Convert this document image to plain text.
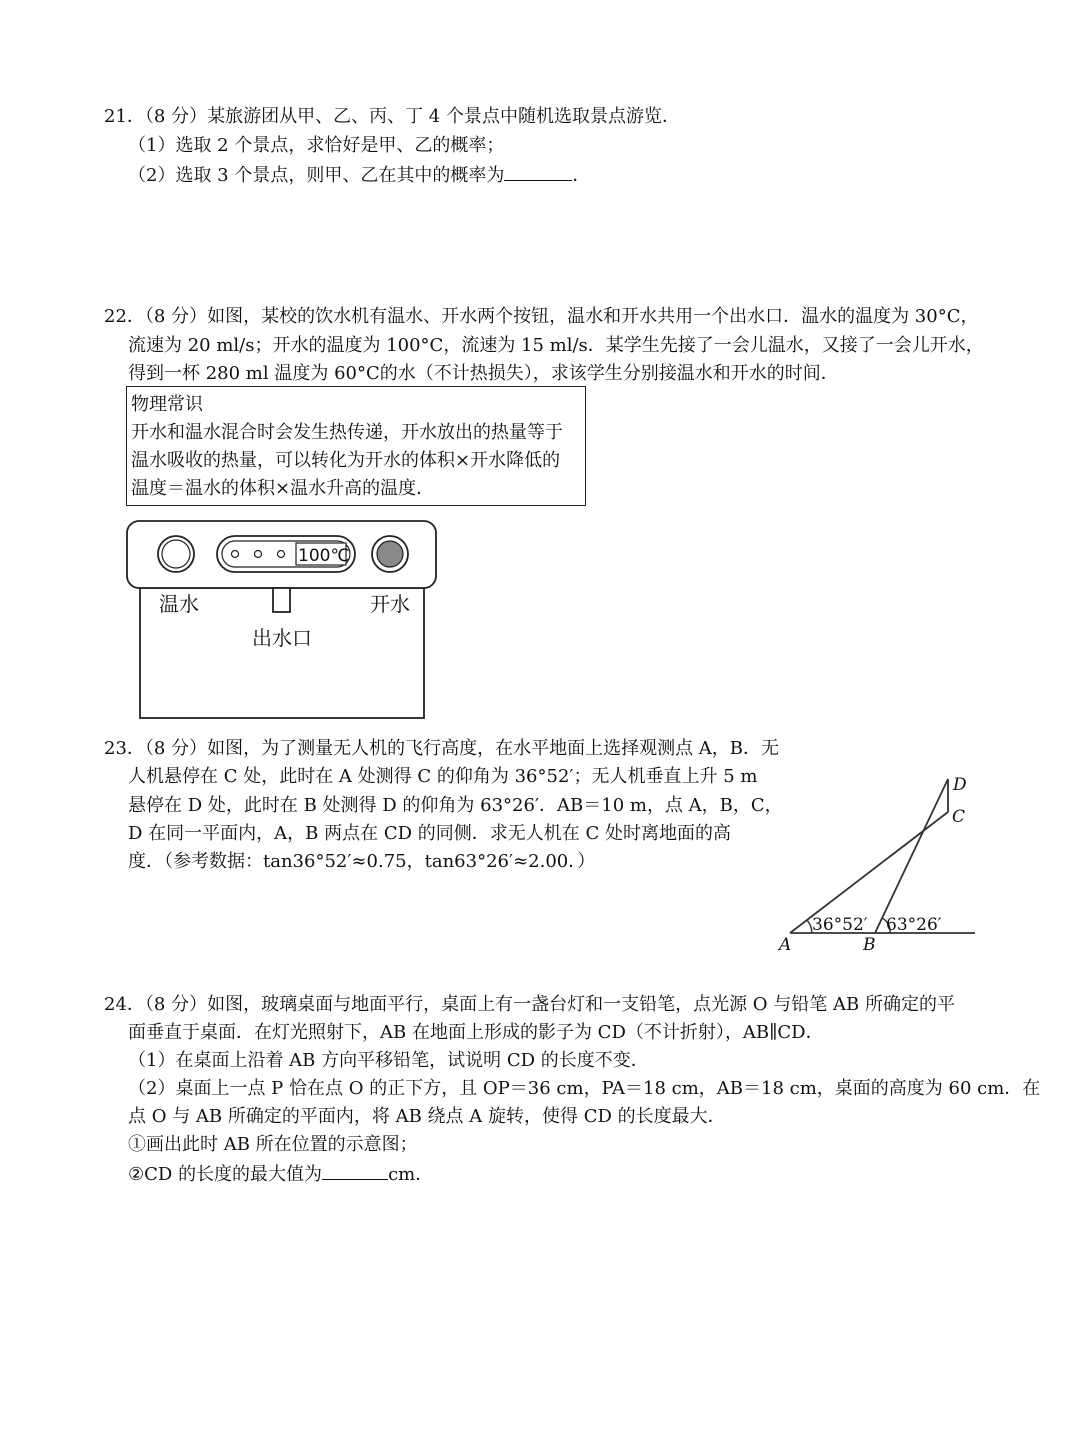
21．（8 分）某旅游团从甲、乙、丙、丁 4 个景点中随机选取景点游览．
（1）选取 2 个景点，求恰好是甲、乙的概率；
（2）选取 3 个景点，则甲、乙在其中的概率为	．
22．（8 分）如图，某校的饮水机有温水、开水两个按钮，温水和开水共用一个出水口．温水的温度为 30°C，
流速为 20 ml/s；开水的温度为 100°C，流速为 15 ml/s．某学生先接了一会儿温水，又接了一会儿开水，
得到一杯 280 ml 温度为 60°C的水（不计热损失），求该学生分别接温水和开水的时间．
物理常识
开水和温水混合时会发生热传递，开水放出的热量等于
温水吸收的热量，可以转化为开水的体积×开水降低的
温度＝温水的体积×温水升高的温度．
100℃
温水	开水
出水口
23．（8 分）如图，为了测量无人机的飞行高度，在水平地面上选择观测点 A，B．无
人机悬停在 C 处，此时在 A 处测得 C 的仰角为 36°52′；无人机垂直上升 5 m
悬停在 D 处，此时在 B 处测得 D 的仰角为 63°26′．AB＝10 m，点 A，B，C，
D 在同一平面内，A，B 两点在 CD 的同侧．求无人机在 C 处时离地面的高
度．（参考数据：tan36°52′≈0.75，tan63°26′≈2.00．）
36°52′ 63°26′
A	B
C
D
24．（8 分）如图，玻璃桌面与地面平行，桌面上有一盏台灯和一支铅笔，点光源 O 与铅笔 AB 所确定的平
面垂直于桌面．在灯光照射下，AB 在地面上形成的影子为 CD（不计折射），AB∥CD．
（1）在桌面上沿着 AB 方向平移铅笔，试说明 CD 的长度不变．
（2）桌面上一点 P 恰在点 O 的正下方，且 OP＝36 cm，PA＝18 cm，AB＝18 cm，桌面的高度为 60 cm．在
点 O 与 AB 所确定的平面内，将 AB 绕点 A 旋转，使得 CD 的长度最大．
①画出此时 AB 所在位置的示意图；
②CD 的长度的最大值为	cm．
